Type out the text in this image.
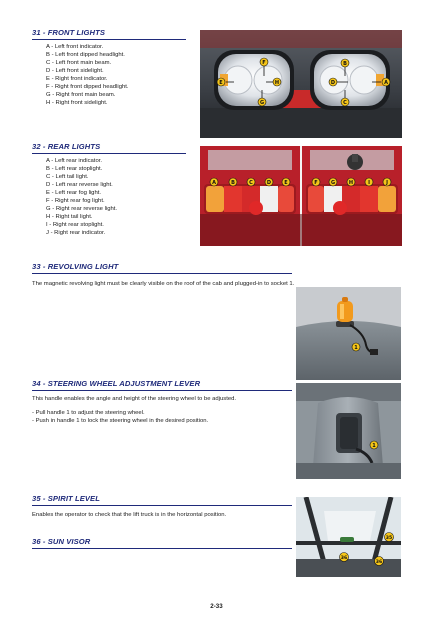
31 - FRONT LIGHTS
A - Left front indicator.
B - Left front dipped headlight.
C - Left front main beam.
D - Left front sidelight.
E - Right front indicator.
F - Right front dipped headlight.
G - Right front main beam.
H - Right front sidelight.
F	B
E	H	D	A
G	C
32 - REAR LIGHTS
A - Left rear indicator.
B - Left rear stoplight.
C - Left tail light.
D - Left rear reverse light.
E - Left rear fog light.
F - Right rear fog light.
G - Right rear reverse light.
H - Right tail light.
I - Right rear stoplight.
J - Right rear indicator.
A	B	C	D	E	F	G	H	I	J
33 - REVOLVING LIGHT
The magnetic revolving light must be clearly visible on the roof of the cab and plugged-in to socket 1.
1
34 - STEERING WHEEL ADJUSTMENT LEVER
This handle enables the angle and height of the steering wheel to be adjusted.
- Pull handle 1 to adjust the steering wheel.
- Push in handle 1 to lock the steering wheel in the desired position.
1
35 - SPIRIT LEVEL
Enables the operator to check that the lift truck is in the horizontal position.
36 - SUN VISOR	35
36
36
2-33
